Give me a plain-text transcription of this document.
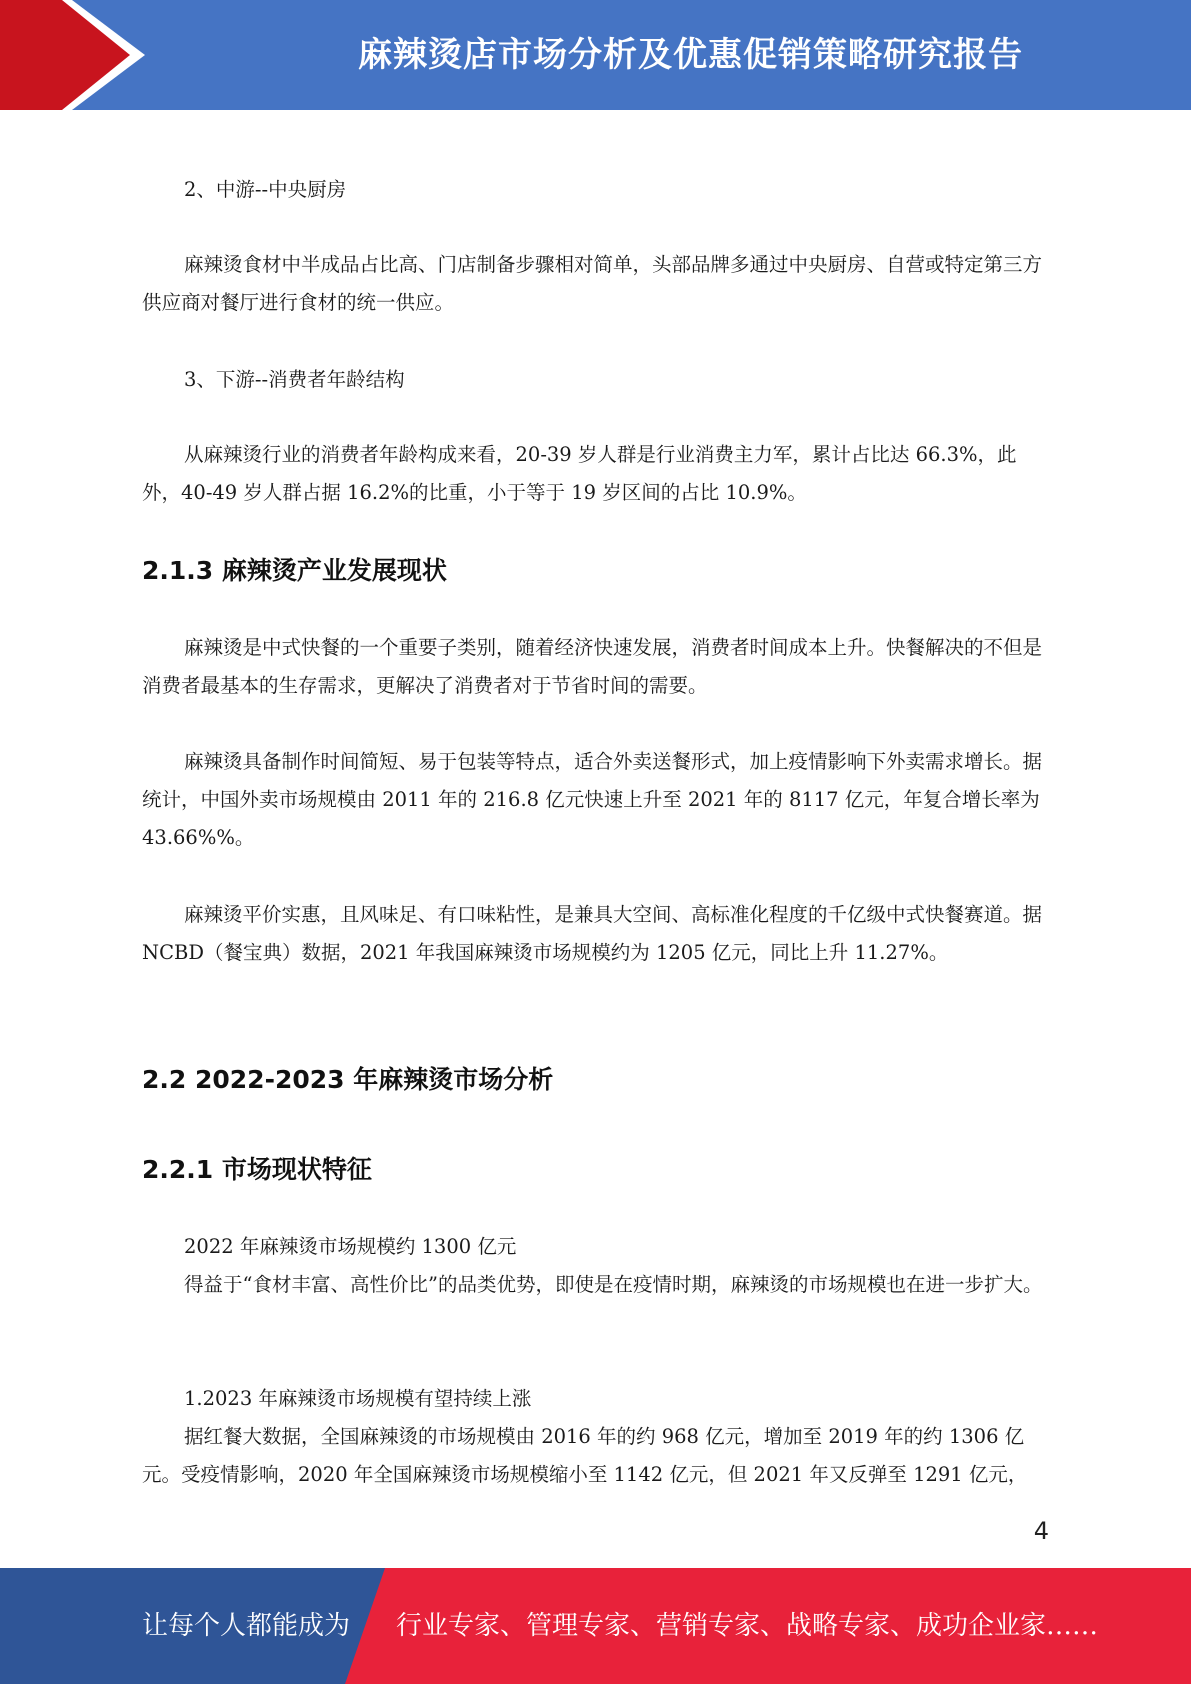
麻辣烫店市场分析及优惠促销策略研究报告

2、中游--中央厨房

麻辣烫食材中半成品占比高、门店制备步骤相对简单，头部品牌多通过中央厨房、自营或特定第三方供应商对餐厅进行食材的统一供应。

3、下游--消费者年龄结构

从麻辣烫行业的消费者年龄构成来看，20-39 岁人群是行业消费主力军，累计占比达 66.3%，此外，40-49 岁人群占据 16.2%的比重，小于等于 19 岁区间的占比 10.9%。

2.1.3 麻辣烫产业发展现状

麻辣烫是中式快餐的一个重要子类别，随着经济快速发展，消费者时间成本上升。快餐解决的不但是消费者最基本的生存需求，更解决了消费者对于节省时间的需要。

麻辣烫具备制作时间简短、易于包装等特点，适合外卖送餐形式，加上疫情影响下外卖需求增长。据统计，中国外卖市场规模由 2011 年的 216.8 亿元快速上升至 2021 年的 8117 亿元，年复合增长率为 43.66%%。

麻辣烫平价实惠，且风味足、有口味粘性，是兼具大空间、高标准化程度的千亿级中式快餐赛道。据 NCBD（餐宝典）数据，2021 年我国麻辣烫市场规模约为 1205 亿元，同比上升 11.27%。

2.2 2022-2023 年麻辣烫市场分析
2.2.1 市场现状特征

2022 年麻辣烫市场规模约 1300 亿元

得益于“食材丰富、高性价比”的品类优势，即使是在疫情时期，麻辣烫的市场规模也在进一步扩大。

1.2023 年麻辣烫市场规模有望持续上涨

据红餐大数据，全国麻辣烫的市场规模由 2016 年的约 968 亿元，增加至 2019 年的约 1306 亿元。受疫情影响，2020 年全国麻辣烫市场规模缩小至 1142 亿元，但 2021 年又反弹至 1291 亿元，

4
让每个人都能成为 行业专家、管理专家、营销专家、战略专家、成功企业家……
